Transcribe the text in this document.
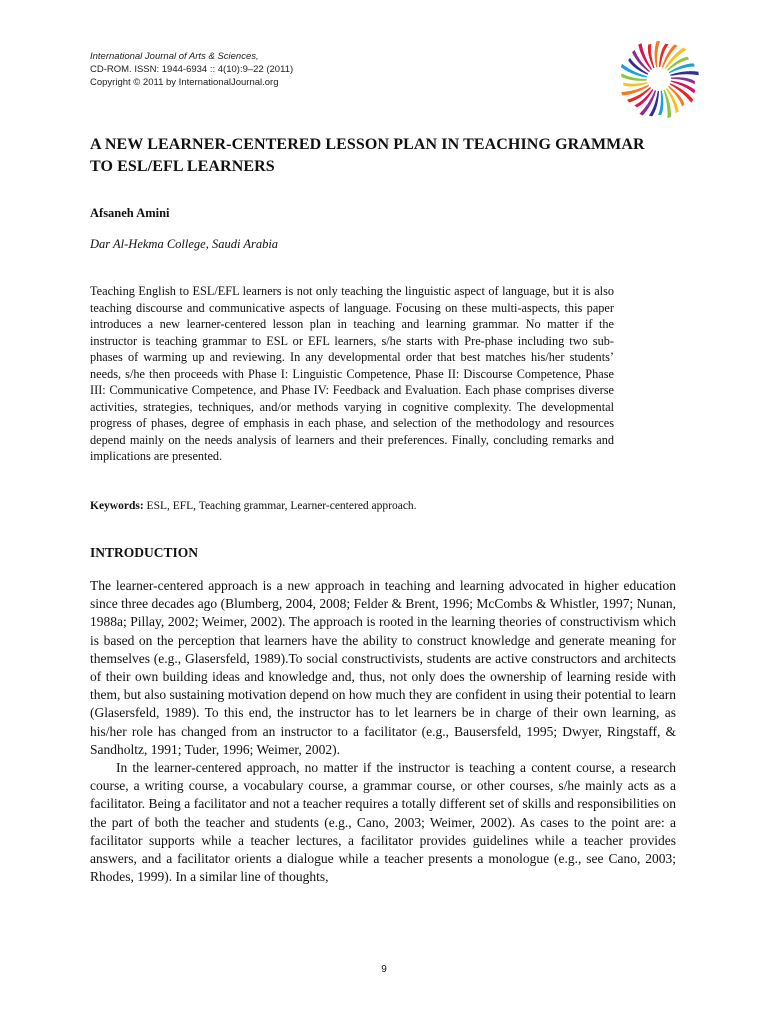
International Journal of Arts & Sciences,
CD-ROM. ISSN: 1944-6934 :: 4(10):9–22 (2011)
Copyright © 2011 by InternationalJournal.org
A NEW LEARNER-CENTERED LESSON PLAN IN TEACHING GRAMMAR TO ESL/EFL LEARNERS
Afsaneh Amini
Dar Al-Hekma College, Saudi Arabia
Teaching English to ESL/EFL learners is not only teaching the linguistic aspect of language, but it is also teaching discourse and communicative aspects of language. Focusing on these multi-aspects, this paper introduces a new learner-centered lesson plan in teaching and learning grammar. No matter if the instructor is teaching grammar to ESL or EFL learners, s/he starts with Pre-phase including two sub-phases of warming up and reviewing. In any developmental order that best matches his/her students’ needs, s/he then proceeds with Phase I: Linguistic Competence, Phase II: Discourse Competence, Phase III: Communicative Competence, and Phase IV: Feedback and Evaluation. Each phase comprises diverse activities, strategies, techniques, and/or methods varying in cognitive complexity. The developmental progress of phases, degree of emphasis in each phase, and selection of the methodology and resources depend mainly on the needs analysis of learners and their preferences. Finally, concluding remarks and implications are presented.
Keywords: ESL, EFL, Teaching grammar, Learner-centered approach.
INTRODUCTION

The learner-centered approach is a new approach in teaching and learning advocated in higher education since three decades ago (Blumberg, 2004, 2008; Felder & Brent, 1996; McCombs & Whistler, 1997; Nunan, 1988a; Pillay, 2002; Weimer, 2002). The approach is rooted in the learning theories of constructivism which is based on the perception that learners have the ability to construct knowledge and generate meaning for themselves (e.g., Glasersfeld, 1989).To social constructivists, students are active constructors and architects of their own building ideas and knowledge and, thus, not only does the ownership of learning reside with them, but also sustaining motivation depend on how much they are confident in using their potential to learn (Glasersfeld, 1989). To this end, the instructor has to let learners be in charge of their own learning, as his/her role has changed from an instructor to a facilitator (e.g., Bausersfeld, 1995; Dwyer, Ringstaff, & Sandholtz, 1991; Tuder, 1996; Weimer, 2002).

In the learner-centered approach, no matter if the instructor is teaching a content course, a research course, a writing course, a vocabulary course, a grammar course, or other courses, s/he mainly acts as a facilitator. Being a facilitator and not a teacher requires a totally different set of skills and responsibilities on the part of both the teacher and students (e.g., Cano, 2003; Weimer, 2002). As cases to the point are: a facilitator supports while a teacher lectures, a facilitator provides guidelines while a teacher provides answers, and a facilitator orients a dialogue while a teacher presents a monologue (e.g., see Cano, 2003; Rhodes, 1999). In a similar line of thoughts,

9
